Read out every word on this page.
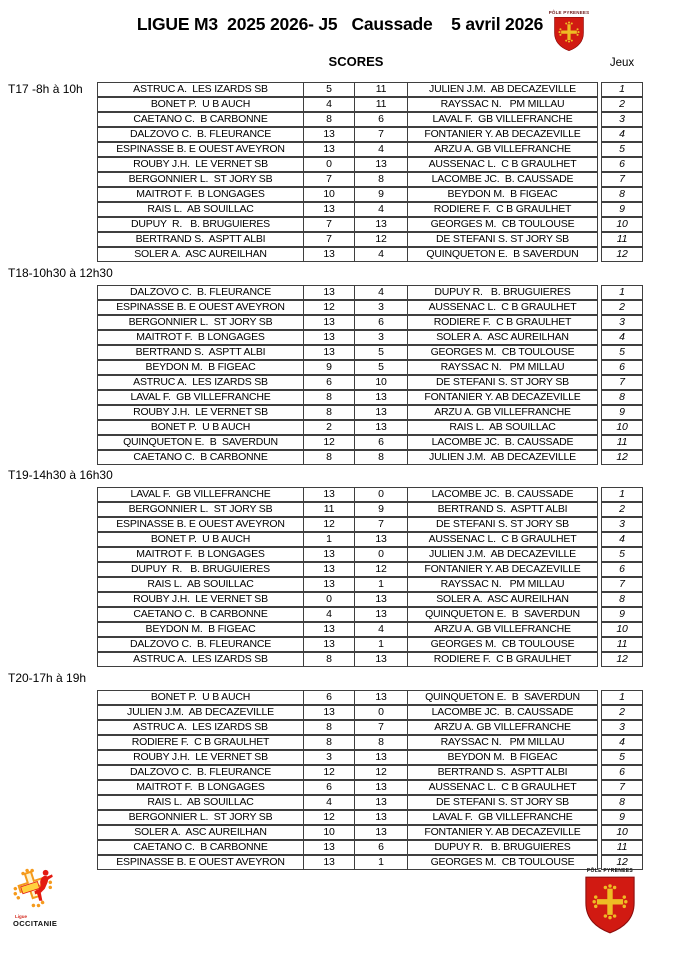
LIGUE M3  2025 2026- J5   Caussade    5 avril 2026
PÔLE PYRENEES
SCORES	Jeux
T17 -8h à 10h
T18-10h30 à 12h30
T19-14h30 à 16h30
T20-17h à 19h
ASTRUC A.  LES IZARDS SB	5	11	JULIEN J.M.  AB DECAZEVILLE	1
BONET P.  U B AUCH	4	11	RAYSSAC N.   PM MILLAU	2
CAETANO C.  B CARBONNE	8	6	LAVAL F.  GB VILLEFRANCHE	3
DALZOVO C.  B. FLEURANCE	13	7	FONTANIER Y. AB DECAZEVILLE	4
ESPINASSE B. E OUEST AVEYRON	13	4	ARZU A. GB VILLEFRANCHE	5
ROUBY J.H.  LE VERNET SB	0	13	AUSSENAC L.  C B GRAULHET	6
BERGONNIER L.  ST JORY SB	7	8	LACOMBE JC.  B. CAUSSADE	7
MAITROT F.  B LONGAGES	10	9	BEYDON M.  B FIGEAC	8
RAIS L.  AB SOUILLAC	13	4	RODIERE F.  C B GRAULHET	9
DUPUY  R.   B. BRUGUIERES	7	13	GEORGES M.  CB TOULOUSE	10
BERTRAND S.  ASPTT ALBI	7	12	DE STEFANI S. ST JORY SB	11
SOLER A.  ASC AUREILHAN	13	4	QUINQUETON E.  B SAVERDUN	12
DALZOVO C.  B. FLEURANCE	13	4	DUPUY R.   B. BRUGUIERES	1
ESPINASSE B. E OUEST AVEYRON	12	3	AUSSENAC L.  C B GRAULHET	2
BERGONNIER L.  ST JORY SB	13	6	RODIERE F.  C B GRAULHET	3
MAITROT F.  B LONGAGES	13	3	SOLER A.  ASC AUREILHAN	4
BERTRAND S.  ASPTT ALBI	13	5	GEORGES M.  CB TOULOUSE	5
BEYDON M.  B FIGEAC	9	5	RAYSSAC N.   PM MILLAU	6
ASTRUC A.  LES IZARDS SB	6	10	DE STEFANI S. ST JORY SB	7
LAVAL F.  GB VILLEFRANCHE	8	13	FONTANIER Y. AB DECAZEVILLE	8
ROUBY J.H.  LE VERNET SB	8	13	ARZU A. GB VILLEFRANCHE	9
BONET P.  U B AUCH	2	13	RAIS L.  AB SOUILLAC	10
QUINQUETON E.  B  SAVERDUN	12	6	LACOMBE JC.  B. CAUSSADE	11
CAETANO C.  B CARBONNE	8	8	JULIEN J.M.  AB DECAZEVILLE	12
LAVAL F.  GB VILLEFRANCHE	13	0	LACOMBE JC.  B. CAUSSADE	1
BERGONNIER L.  ST JORY SB	11	9	BERTRAND S.  ASPTT ALBI	2
ESPINASSE B. E OUEST AVEYRON	12	7	DE STEFANI S. ST JORY SB	3
BONET P.  U B AUCH	1	13	AUSSENAC L.  C B GRAULHET	4
MAITROT F.  B LONGAGES	13	0	JULIEN J.M.  AB DECAZEVILLE	5
DUPUY  R.   B. BRUGUIERES	13	12	FONTANIER Y. AB DECAZEVILLE	6
RAIS L.  AB SOUILLAC	13	1	RAYSSAC N.   PM MILLAU	7
ROUBY J.H.  LE VERNET SB	0	13	SOLER A.  ASC AUREILHAN	8
CAETANO C.  B CARBONNE	4	13	QUINQUETON E.  B  SAVERDUN	9
BEYDON M.  B FIGEAC	13	4	ARZU A. GB VILLEFRANCHE	10
DALZOVO C.  B. FLEURANCE	13	1	GEORGES M.  CB TOULOUSE	11
ASTRUC A.  LES IZARDS SB	8	13	RODIERE F.  C B GRAULHET	12
BONET P.  U B AUCH	6	13	QUINQUETON E.  B  SAVERDUN	1
JULIEN J.M.  AB DECAZEVILLE	13	0	LACOMBE JC.  B. CAUSSADE	2
ASTRUC A.  LES IZARDS SB	8	7	ARZU A. GB VILLEFRANCHE	3
RODIERE F.  C B GRAULHET	8	8	RAYSSAC N.   PM MILLAU	4
ROUBY J.H.  LE VERNET SB	3	13	BEYDON M.  B FIGEAC	5
DALZOVO C.  B. FLEURANCE	12	12	BERTRAND S.  ASPTT ALBI	6
MAITROT F.  B LONGAGES	6	13	AUSSENAC L.  C B GRAULHET	7
RAIS L.  AB SOUILLAC	4	13	DE STEFANI S. ST JORY SB	8
BERGONNIER L.  ST JORY SB	12	13	LAVAL F.  GB VILLEFRANCHE	9
SOLER A.  ASC AUREILHAN	10	13	FONTANIER Y. AB DECAZEVILLE	10
CAETANO C.  B CARBONNE	13	6	DUPUY R.   B. BRUGUIERES	11
ESPINASSE B. E OUEST AVEYRON	13	1	GEORGES M.  CB TOULOUSE	12
Ligue
OCCITANIE
PÔLE PYRENEES
